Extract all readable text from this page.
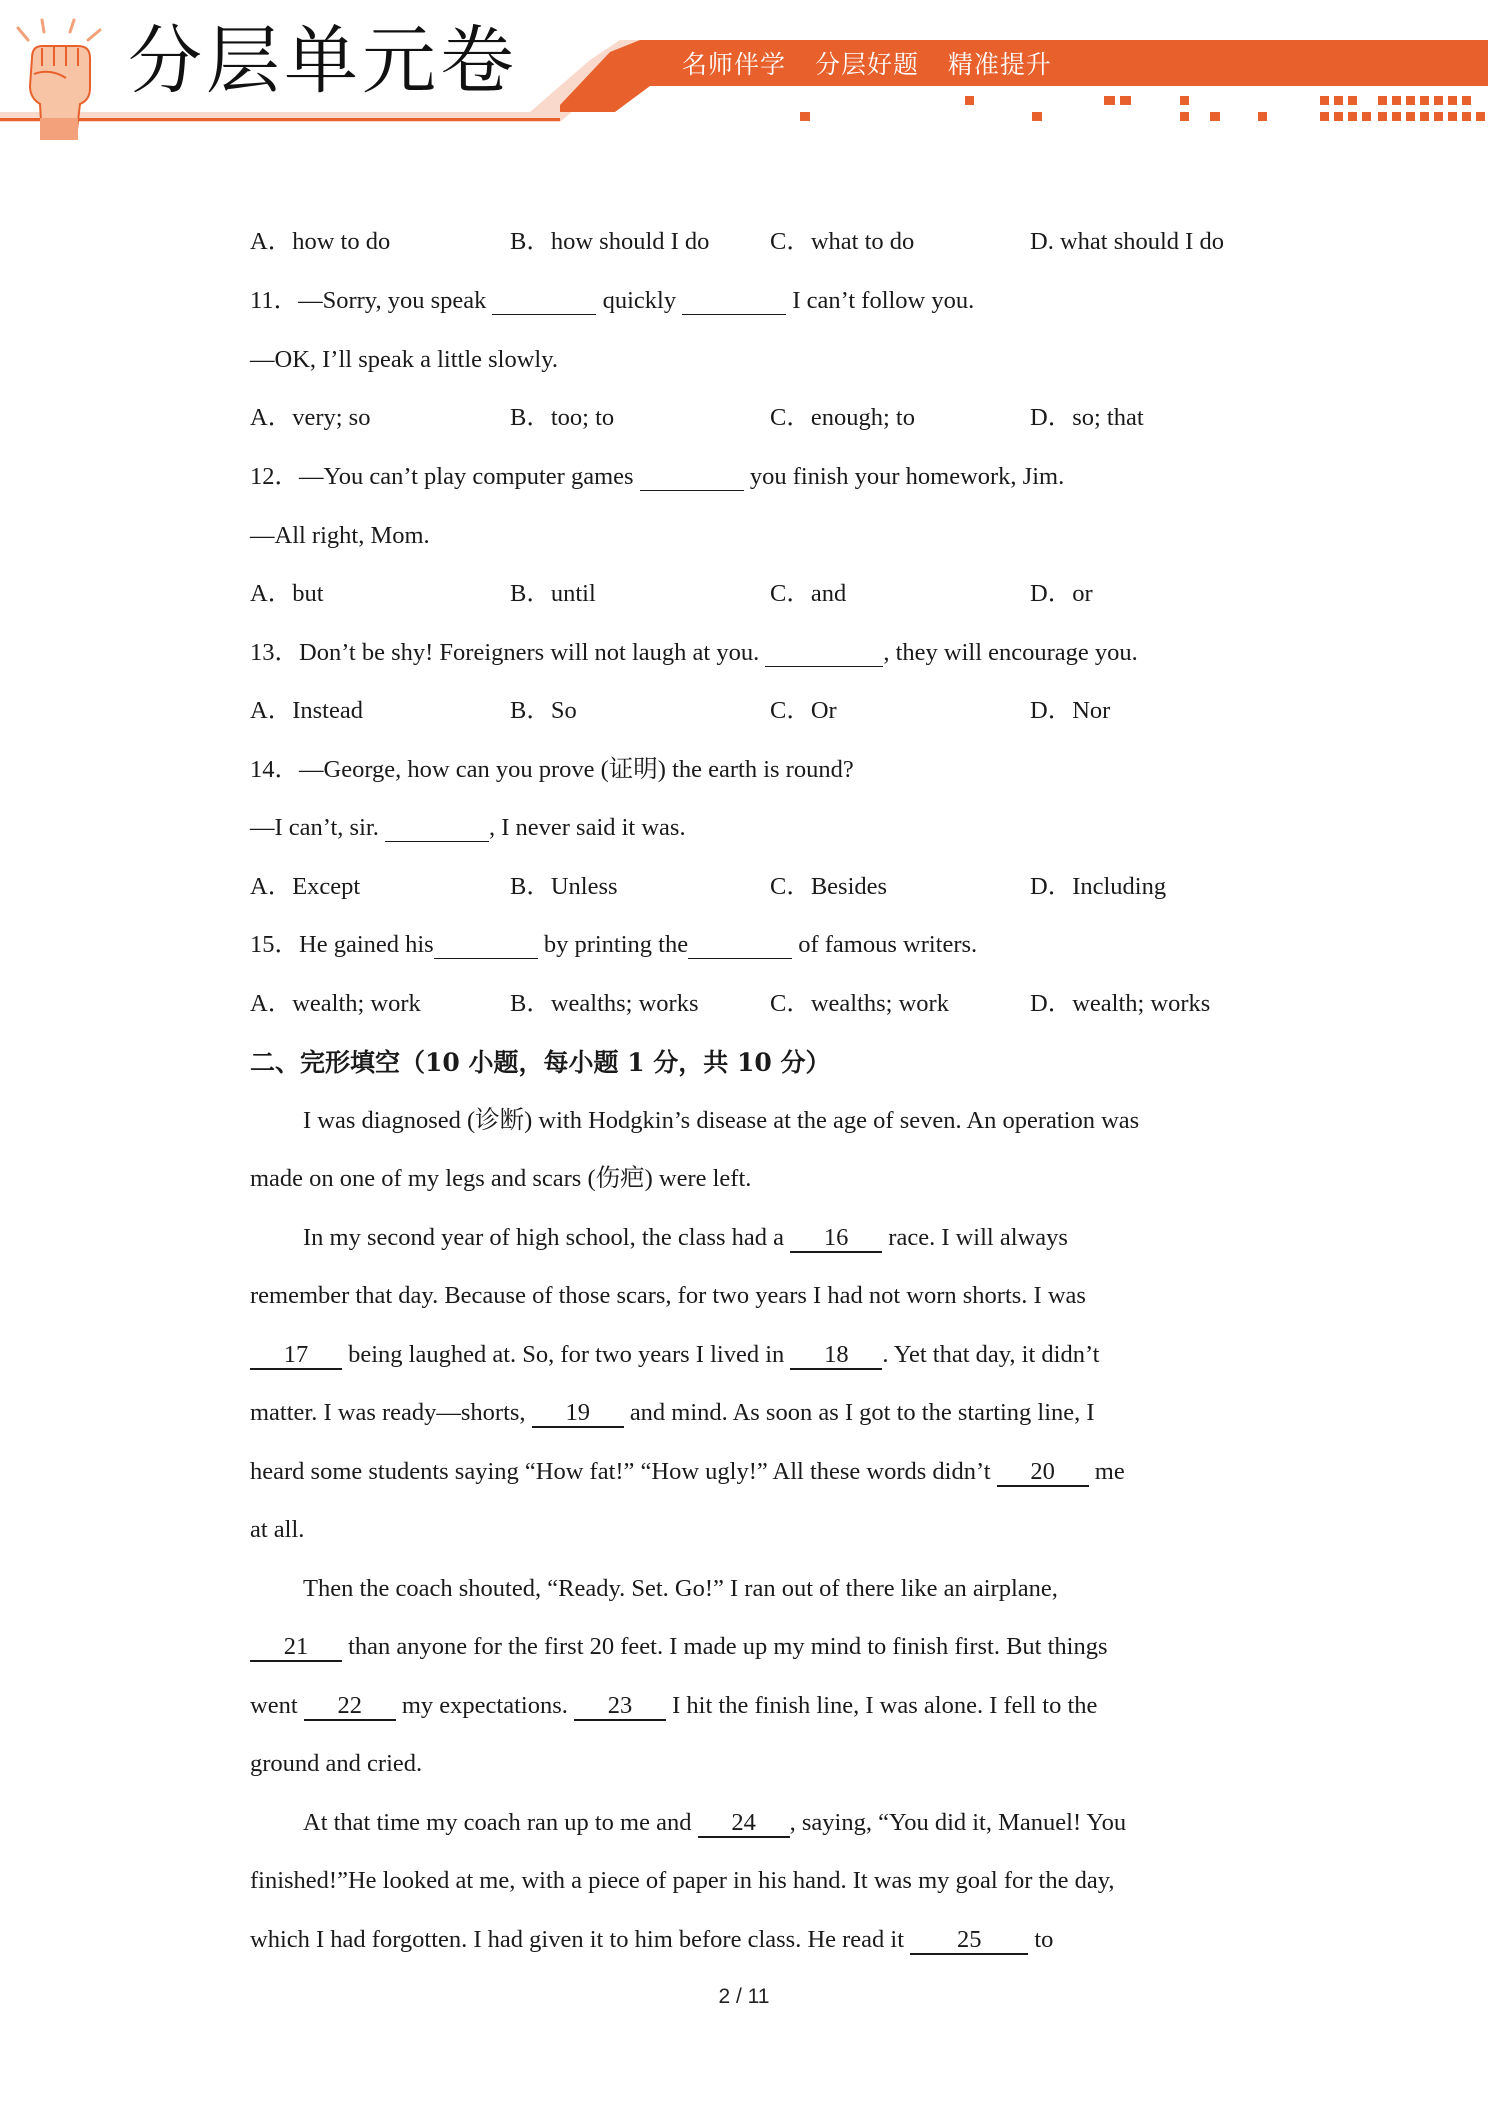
分层单元卷	名师伴学 分层好题 精准提升
A．how to do	B．how should I do C．what to do	D. what should I do
11．—Sorry, you speak	quickly	I can’t follow you.
—OK, I’ll speak a little slowly.
A．very; so	B．too; to	C．enough; to	D．so; that
12．—You can’t play computer games	you finish your homework, Jim.
—All right, Mom.
A．but	B．until	C．and	D．or
13．Don’t be shy! Foreigners will not laugh at you.	, they will encourage you.
A．Instead	B．So	C．Or	D．Nor
14．—George, how can you prove (证明) the earth is round?
—I can’t, sir.	, I never said it was.
A．Except	B．Unless	C．Besides	D．Including
15．He gained his	by printing the	of famous writers.
A．wealth; work	B．wealths; works	C．wealths; work	D．wealth; works
二、完形填空（10 小题，每小题 1 分，共 10 分）
I was diagnosed (诊断) with Hodgkin’s disease at the age of seven. An operation was
made on one of my legs and scars (伤疤) were left.
In my second year of high school, the class had a 16 race. I will always
remember that day. Because of those scars, for two years I had not worn shorts. I was
17 being laughed at. So, for two years I lived in 18 . Yet that day, it didn’t
matter. I was ready—shorts, 19 and mind. As soon as I got to the starting line, I
heard some students saying “How fat!” “How ugly!” All these words didn’t 20 me
at all.
Then the coach shouted, “Ready. Set. Go!” I ran out of there like an airplane,
21 than anyone for the first 20 feet. I made up my mind to finish first. But things
went 22 my expectations. 23 I hit the finish line, I was alone. I fell to the
ground and cried.
At that time my coach ran up to me and 24 , saying, “You did it, Manuel! You
finished!”He looked at me, with a piece of paper in his hand. It was my goal for the day,
which I had forgotten. I had given it to him before class. He read it 25 to
2 / 11
